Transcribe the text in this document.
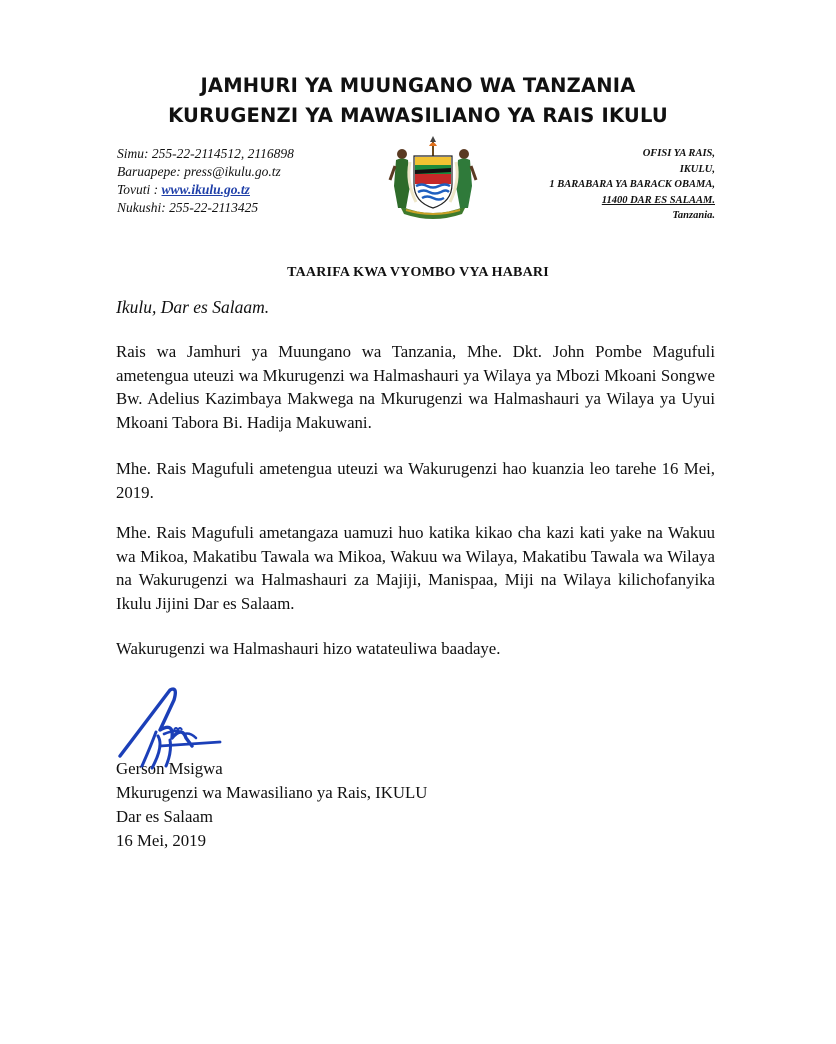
JAMHURI YA MUUNGANO WA TANZANIA
KURUGENZI YA MAWASILIANO YA RAIS IKULU
Simu: 255-22-2114512, 2116898
Baruapepe: press@ikulu.go.tz
Tovuti : www.ikulu.go.tz
Nukushi: 255-22-2113425
OFISI YA RAIS,
IKULU,
1 BARABARA YA BARACK OBAMA,
11400 DAR ES SALAAM.
Tanzania.
TAARIFA KWA VYOMBO VYA HABARI
Ikulu, Dar es Salaam.

Rais wa Jamhuri ya Muungano wa Tanzania, Mhe. Dkt. John Pombe Magufuli ametengua uteuzi wa Mkurugenzi wa Halmashauri ya Wilaya ya Mbozi Mkoani Songwe Bw. Adelius Kazimbaya Makwega na Mkurugenzi wa Halmashauri ya Wilaya ya Uyui Mkoani Tabora Bi. Hadija Makuwani.

Mhe. Rais Magufuli ametengua uteuzi wa Wakurugenzi hao kuanzia leo tarehe 16 Mei, 2019.

Mhe. Rais Magufuli ametangaza uamuzi huo katika kikao cha kazi kati yake na Wakuu wa Mikoa, Makatibu Tawala wa Mikoa, Wakuu wa Wilaya, Makatibu Tawala wa Wilaya na Wakurugenzi wa Halmashauri za Majiji, Manispaa, Miji na Wilaya kilichofanyika Ikulu Jijini Dar es Salaam.

Wakurugenzi wa Halmashauri hizo watateuliwa baadaye.

Gerson Msigwa
Mkurugenzi wa Mawasiliano ya Rais, IKULU
Dar es Salaam
16 Mei, 2019
